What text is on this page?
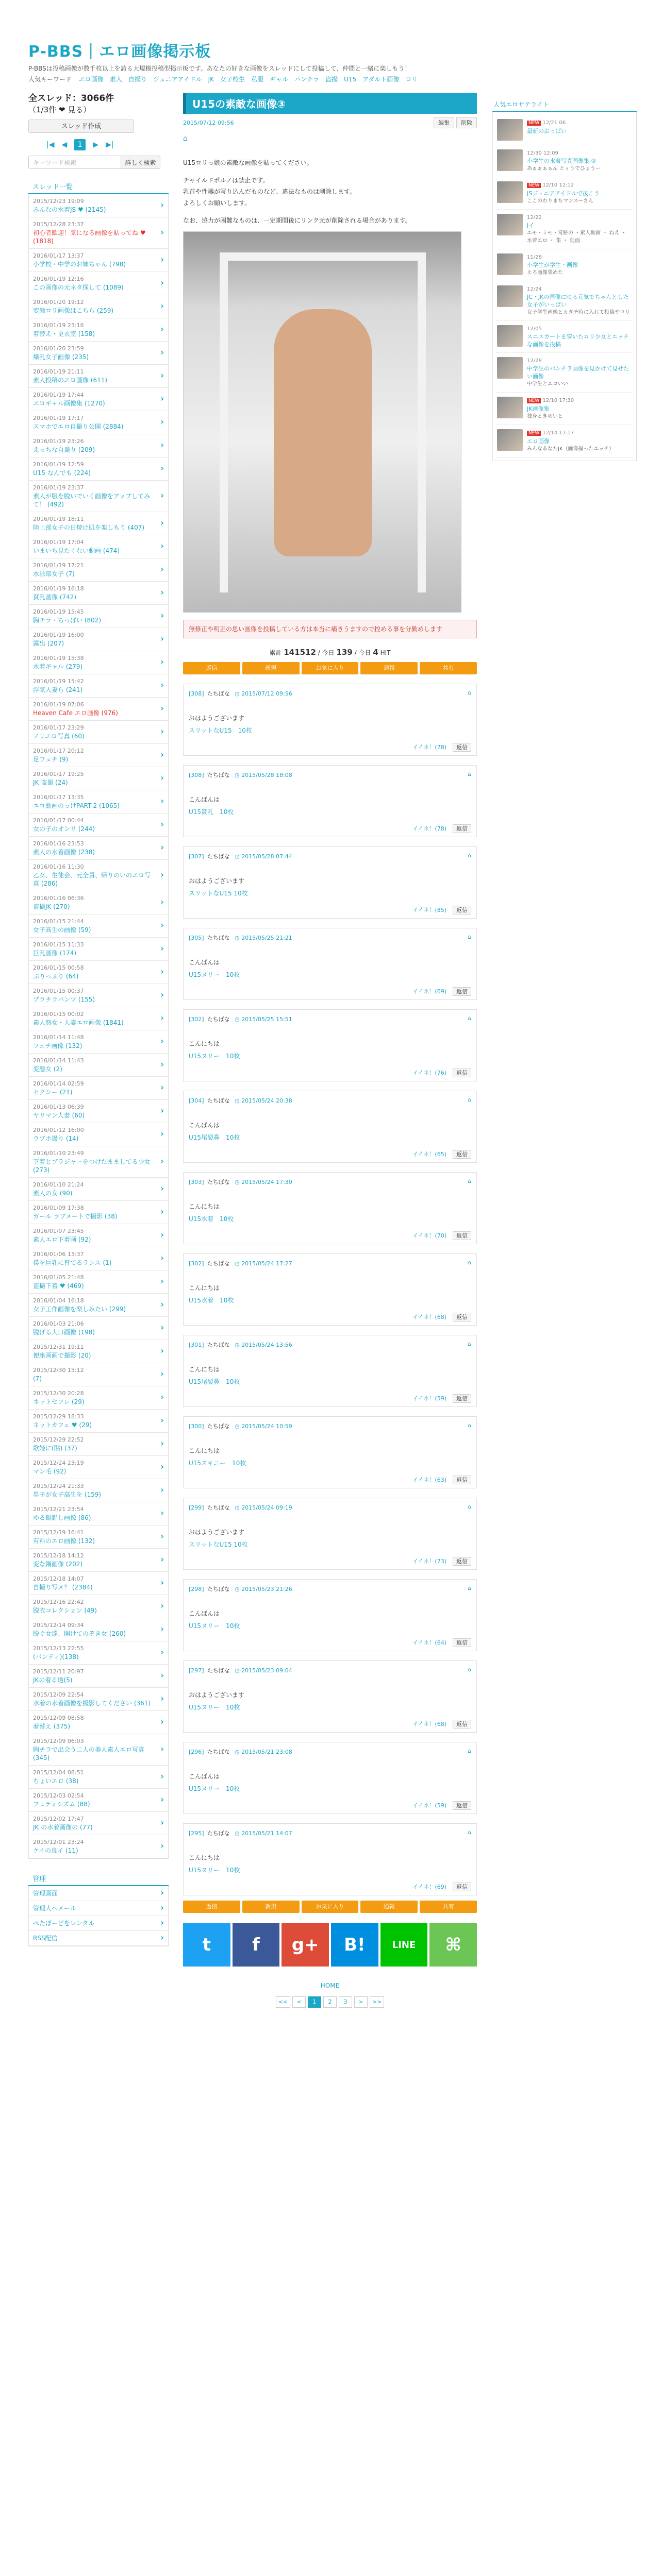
P-BBS｜エロ画像掲示板
P-BBSは投稿画像が数千枚以上を誇る大規模投稿型掲示板です。あなたの好きな画像をスレッドにして投稿して、仲間と一緒に楽しもう！
人気キーワード エロ画像 素人 自撮り ジュニアアイドル JK 女子校生 私服 ギャル パンチラ 盗撮 U15 アダルト画像 ロリ
全スレッド：3066件
（1/3件 ❤ 見る）
スレッド作成
|◀ ◀	1	▶ ▶|
キーワード検索	詳しく検索
スレッド一覧
2015/12/23 19:09
みんなの水着JS ♥ (2145)	›
2015/12/28 23:37
初心者歓迎！気になる画像を貼ってね ♥ (1818)
›
2016/01/17 13:37
小学校・中学のお姉ちゃん (798)	›
2016/01/19 12:16
この画像の元ネタ探して (1089)	›
2016/01/20 19:12
変態ロリ画像はこちら (259)	›
2016/01/19 23:16
着替え・更衣室 (158)	›
2016/01/20 23:59
爆乳女子画像 (235)	›
2016/01/19 21:11
素人投稿のエロ画像 (611)	›
2016/01/19 17:44
エロギャル画像集 (1270)	›
2016/01/19 17:17
スマホでエロ自撮り公開 (2884)	›
2016/01/19 23:26
えっちな自撮り (209)	›
2016/01/19 12:59
U15 なんでも (224)	›
2016/01/19 23:37
素人が服を脱いでいく画像をアップしてみて！ (492)
›
2016/01/19 18:11
陸上部女子の日焼け肌を楽しもう (407) ›
2016/01/19 17:04
いまいち見たくない動画 (474)	›
2016/01/19 17:21
水泳部女子 (7)	›
2016/01/19 16:18
貧乳画像 (742)	›
2016/01/19 15:45
胸チラ・ちっぱい (802)	›
2016/01/19 16:00
露出 (207)	›
2016/01/19 15:38
水着ギャル (279)	›
2016/01/19 15:42
浮気人妻ら (241)	›
2016/01/19 07:06
Heaven Cafe エロ画像 (976)	›
2016/01/17 23:29
ノリエロ写真 (60)	›
2016/01/17 20:12
足フェチ (9)	›
2016/01/17 19:25
JK 盗撮 (24)	›
2016/01/17 13:35
エロ動画のっけPART-2 (1065)	›
2016/01/17 00:44
女の子のオシリ (244)	›
2016/01/16 23:53
素人の水着画像 (238)	›
2016/01/16 11:30
乙女、生徒会、元全員、帰りのいのエロ写真 (286)
›
2016/01/16 06:36
盗撮JK (270)	›
2016/01/15 21:44
女子高生の画像 (59)	›
2016/01/15 11:33
巨乳画像 (174)	›
2016/01/15 00:58
ぷりっぷり (64)	›
2016/01/15 00:37
ブラチラパンツ (155)	›
2016/01/15 00:02
素人熟女・人妻エロ画像 (1841)	›
2016/01/14 11:48
フェチ画像 (132)	›
2016/01/14 11:43
変態女 (2)	›
2016/01/14 02:59
セクシー (21)	›
2016/01/13 06:39
ヤリマン人妻 (60)	›
2016/01/12 16:00
ラブホ撮り (14)	›
2016/01/10 23:49
下着とブラジャーをつけたまましてる少女 (273)
›
2016/01/10 21:24
素人の女 (90)	›
2016/01/09 17:38
ガール ラブメートで撮影 (38)	›
2016/01/07 23:45
素人エロ下着画 (92)	›
2016/01/06 13:37
僕を巨乳に育てるランス (1)	›
2016/01/05 21:48
盗撮下着 ♥ (469)	›
2016/01/04 16:18
女子工作画像を楽しみたい (299)	›
2016/01/03 21:06
脱げる大口画像 (198)	›
2015/12/31 19:11
便座画画で撮影 (20)	›
2015/12/30 15:12
(7)	›
2015/12/30 20:28
ネットセフレ (29)	›
2015/12/29 18:33
ネットカフェ ♥ (29)	›
2015/12/29 22:52
歌姫に(貼) (37)	›
2015/12/24 23:19
マン毛 (92)	›
2015/12/24 21:33
男子が女子高生を (159)	›
2015/12/21 23:54
ゆる鍋野し画像 (86)	›
2015/12/19 16:41
有料のエロ画像 (132)	›
2015/12/18 14:12
変な鍋画像 (202)	›
2015/12/18 14:07
自撮り写メ？ (2384)	›
2015/12/16 22:42
脱衣コレクション (49)	›
2015/12/14 09:34
脱ぐ女達、開けてのぞき女 (260)	›
2015/12/13 22:55
(パンティ)(138)	›
2015/12/11 20:97
JKの着る透(5)	›
2015/12/09 22:54
水着の水着画像を撮影してください (361) ›
2015/12/09 08:58
着替え (375)	›
2015/12/09 06:03
胸チラで出会う二人の美人素人エロ写真 (345)
›
2015/12/04 08:51
ちょいエロ (38)	›
2015/12/03 02:54
フェティシズム (88)	›
2015/12/02 17:47
JK の水着画像の (77)	›
2015/12/01 23:24
ケイの良イ (11)	›
管理
管理画面	›
管理人へメール	›
ぺたぼーどをレンタル	›
RSS配信	›
U15の素敵な画像③
2015/07/12 09:56	編集	削除
⌂

U15ロリっ娘の素敵な画像を貼ってください。

チャイルドポルノは禁止です。

乳首や性器が写り込んだものなど、違法なものは削除します。

よろしくお願いします。

なお、協力が困難なものは、一定期間後にリンク元が削除される場合があります。

無修正や明正の思い画像を投稿している方は本当に痛きうますので控める事を分勤めします
累計 141512 / 今日 139 / 今日 4 HIT
返信	新規	お気に入り	通報	共有
[308] たちばな ◷ 2015/07/12 09:56	⌂
おはようございます
スリットなU15　10枚
イイネ！(78) 返信
[308] たちばな ◷ 2015/05/28 18:08	⌂
こんばんは
U15貧乳　10枚
イイネ！(78) 返信
[307] たちばな ◷ 2015/05/28 07:44	⌂
おはようございます
スリットなU15 10枚
イイネ！(85) 返信
[305] たちばな ◷ 2015/05/25 21:21	⌂
こんばんは
U15ヌリー　10枚
イイネ！(69) 返信
[302] たちばな ◷ 2015/05/25 15:51	⌂
こんにちは
U15ヌリー　10枚
イイネ！(76) 返信
[304] たちばな ◷ 2015/05/24 20:38	⌂
こんばんは
U15尾裂鼻　10枚
イイネ！(65) 返信
[303] たちばな ◷ 2015/05/24 17:30	⌂
こんにちは
U15水着　10枚
イイネ！(70) 返信
[302] たちばな ◷ 2015/05/24 17:27	⌂
こんにちは
U15水着　10枚
イイネ！(68) 返信
[301] たちばな ◷ 2015/05/24 13:56	⌂
こんにちは
U15尾裂鼻　10枚
イイネ！(59) 返信
[300] たちばな ◷ 2015/05/24 10:59	⌂
こんにちは
U15スキニー　10枚
イイネ！(63) 返信
[299] たちばな ◷ 2015/05/24 09:19	⌂
おはようございます
スリットなU15 10枚
イイネ！(73) 返信
[298] たちばな ◷ 2015/05/23 21:26	⌂
こんばんは
U15ヌリー　10枚
イイネ！(64) 返信
[297] たちばな ◷ 2015/05/23 09:04	⌂
おはようございます
U15ヌリー　10枚
イイネ！(68) 返信
[296] たちばな ◷ 2015/05/21 23:08	⌂
こんばんは
U15ヌリー　10枚
イイネ！(59) 返信
[295] たちばな ◷ 2015/05/21 14:07	⌂
こんにちは
U15ヌリー　10枚
イイネ！(69) 返信
返信	新規	お気に入り	通報	共有
t	f	g+	B!	LINE	⌘
HOME
<<	<	1	2	3	>	>>
人気エロサテライト
NEW 12/21 06
最新のおっぱい
12/30 12:09
小学生の水着写真画像集 ②
あぁぁぁぁん とぅうでひょうー
NEW 12/10 12:12
JSジュニアアイドルで抜こう
ここのわりまちマンスーさん
12/22
Jイ
エモ・ミモ・奇跡の ・素人動画 ・ ねえ ・ 水着エロ ・ 集 ・ 動画
11/28
小学生が学生・画像
えろ画像集めた
12/24
JC・JKの画像に映る元気でちゃんとした女子がいっぱい
女子学生画像とカタチ時に入れて投稿やロリ
12/05
スニスカートを穿いたロリ少女とエッチな画像を投稿
12/28
中学生のパンチラ画像を見かけて見せたい画像
中学生とエロいい
NEW 12/10 17:30
JK画像集
独身ときめいと
NEW 12/14 17:17
エロ画像
みんなあなたJK（画像撮ったエッチ）
